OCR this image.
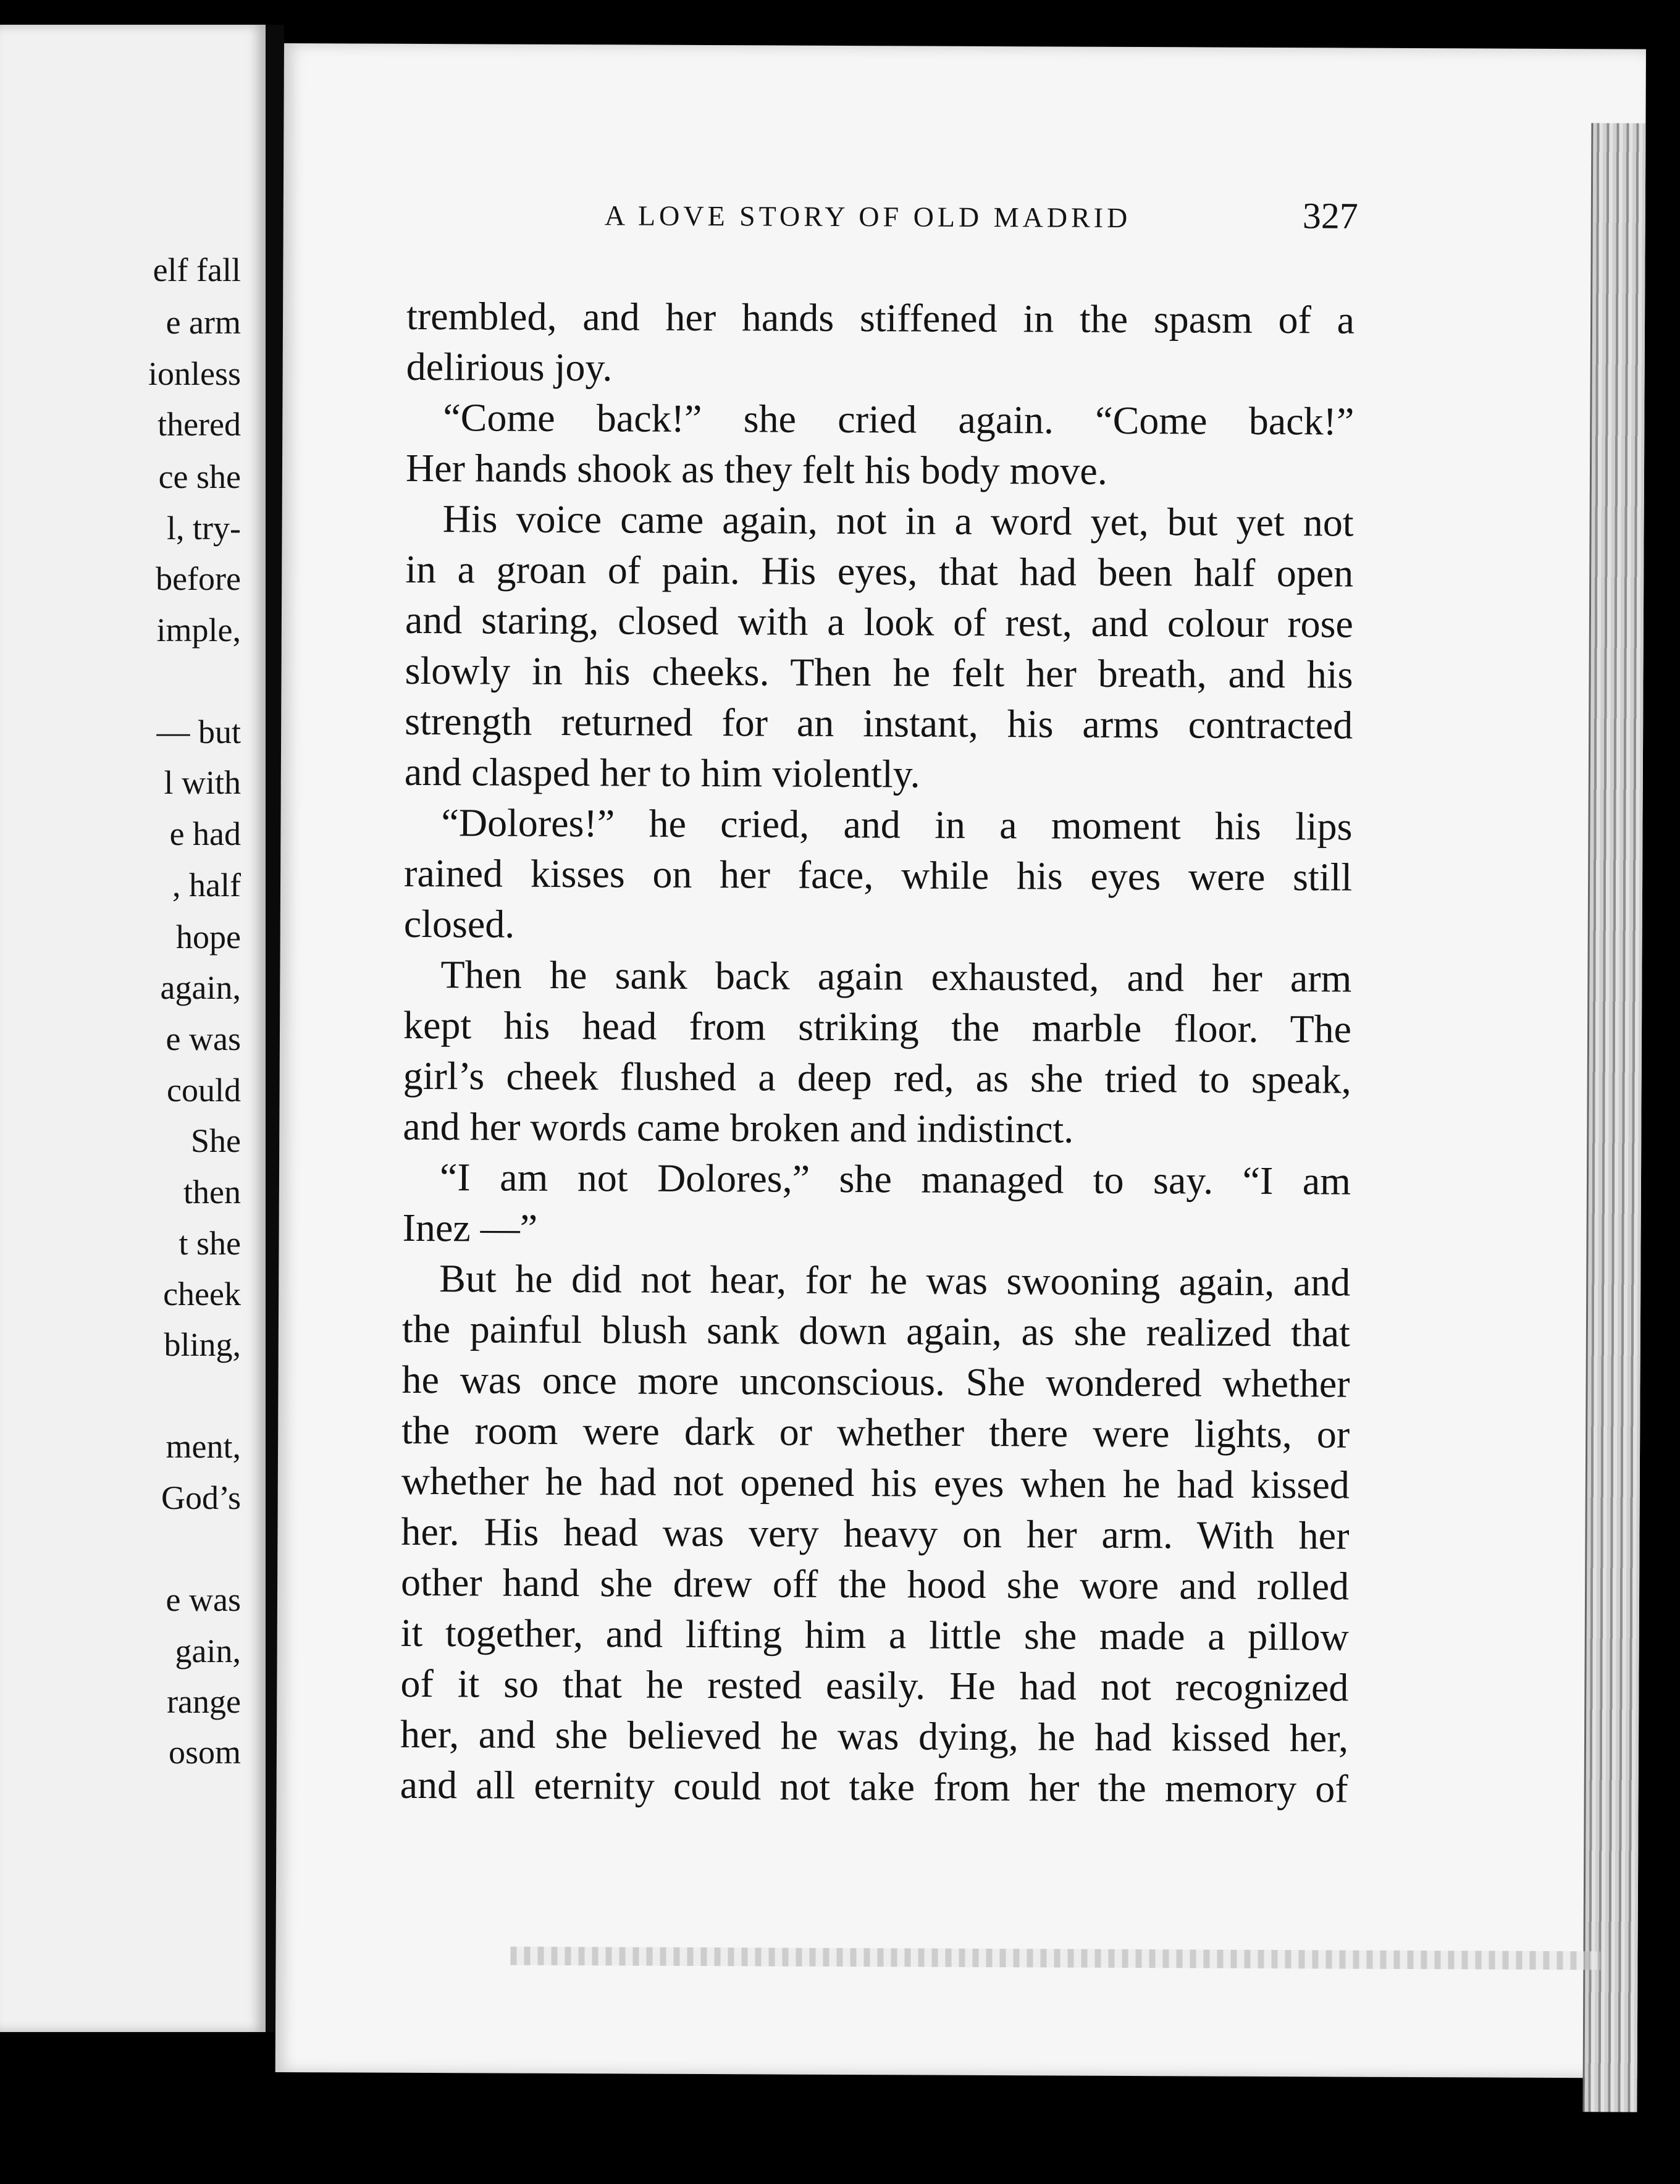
elf fall
e arm
ionless
thered
ce she
l, try-
before
imple,
— but
l with
e had
, half
hope
again,
e was
could
She
then
t she
cheek
bling,
ment,
God’s
e was
gain,
range
osom
A LOVE STORY OF OLD MADRID	327
trembled, and her hands stiffened in the spasm of a
delirious joy.
“Come back!” she cried again. “Come back!”
Her hands shook as they felt his body move.
His voice came again, not in a word yet, but yet not
in a groan of pain. His eyes, that had been half open
and staring, closed with a look of rest, and colour rose
slowly in his cheeks. Then he felt her breath, and his
strength returned for an instant, his arms contracted
and clasped her to him violently.
“Dolores!” he cried, and in a moment his lips
rained kisses on her face, while his eyes were still
closed.
Then he sank back again exhausted, and her arm
kept his head from striking the marble floor. The
girl’s cheek flushed a deep red, as she tried to speak,
and her words came broken and indistinct.
“I am not Dolores,” she managed to say. “I am
Inez —”
But he did not hear, for he was swooning again, and
the painful blush sank down again, as she realized that
he was once more unconscious. She wondered whether
the room were dark or whether there were lights, or
whether he had not opened his eyes when he had kissed
her. His head was very heavy on her arm. With her
other hand she drew off the hood she wore and rolled
it together, and lifting him a little she made a pillow
of it so that he rested easily. He had not recognized
her, and she believed he was dying, he had kissed her,
and all eternity could not take from her the memory of
